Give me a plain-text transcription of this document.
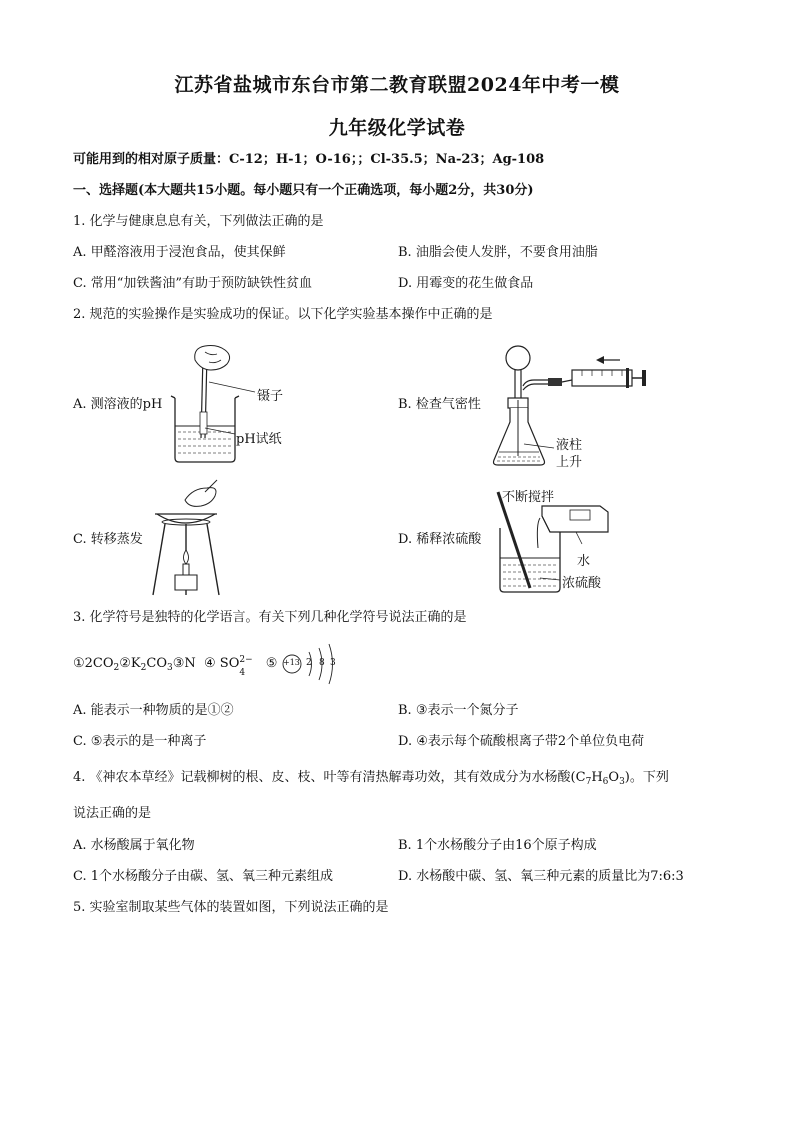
江苏省盐城市东台市第二教育联盟2024年中考一模
九年级化学试卷
可能用到的相对原子质量：C-12；H-1；O-16；；Cl-35.5；Na-23；Ag-108
一、选择题(本大题共15小题。每小题只有一个正确选项，每小题2分，共30分)
1. 化学与健康息息有关，下列做法正确的是
A. 甲醛溶液用于浸泡食品，使其保鲜	B. 油脂会使人发胖，不要食用油脂
C. 常用“加铁酱油”有助于预防缺铁性贫血	D. 用霉变的花生做食品
2. 规范的实验操作是实验成功的保证。以下化学实验基本操作中正确的是
A. 测溶液的pH
镊子
pH试纸
B. 检查气密性
液柱
上升
C. 转移蒸发	D. 稀释浓硫酸
不断搅拌
水
浓硫酸
3. 化学符号是独特的化学语言。有关下列几种化学符号说法正确的是
$①2CO_2②K_2CO_3③N$ ④ SO 2−
4
⑤ +13 2 8 3
A. 能表示一种物质的是①②	B. ③表示一个氮分子
C. ⑤表示的是一种离子	D. ④表示每个硫酸根离子带2个单位负电荷
4. 《神农本草经》记载柳树的根、皮、枝、叶等有清热解毒功效，其有效成分为水杨酸$(C_7H_6O_3)$。下列
说法正确的是
A. 水杨酸属于氧化物	B. 1个水杨酸分子由16个原子构成
C. 1个水杨酸分子由碳、氢、氧三种元素组成	D. 水杨酸中碳、氢、氧三种元素的质量比为7:6:3
5. 实验室制取某些气体的装置如图，下列说法正确的是
